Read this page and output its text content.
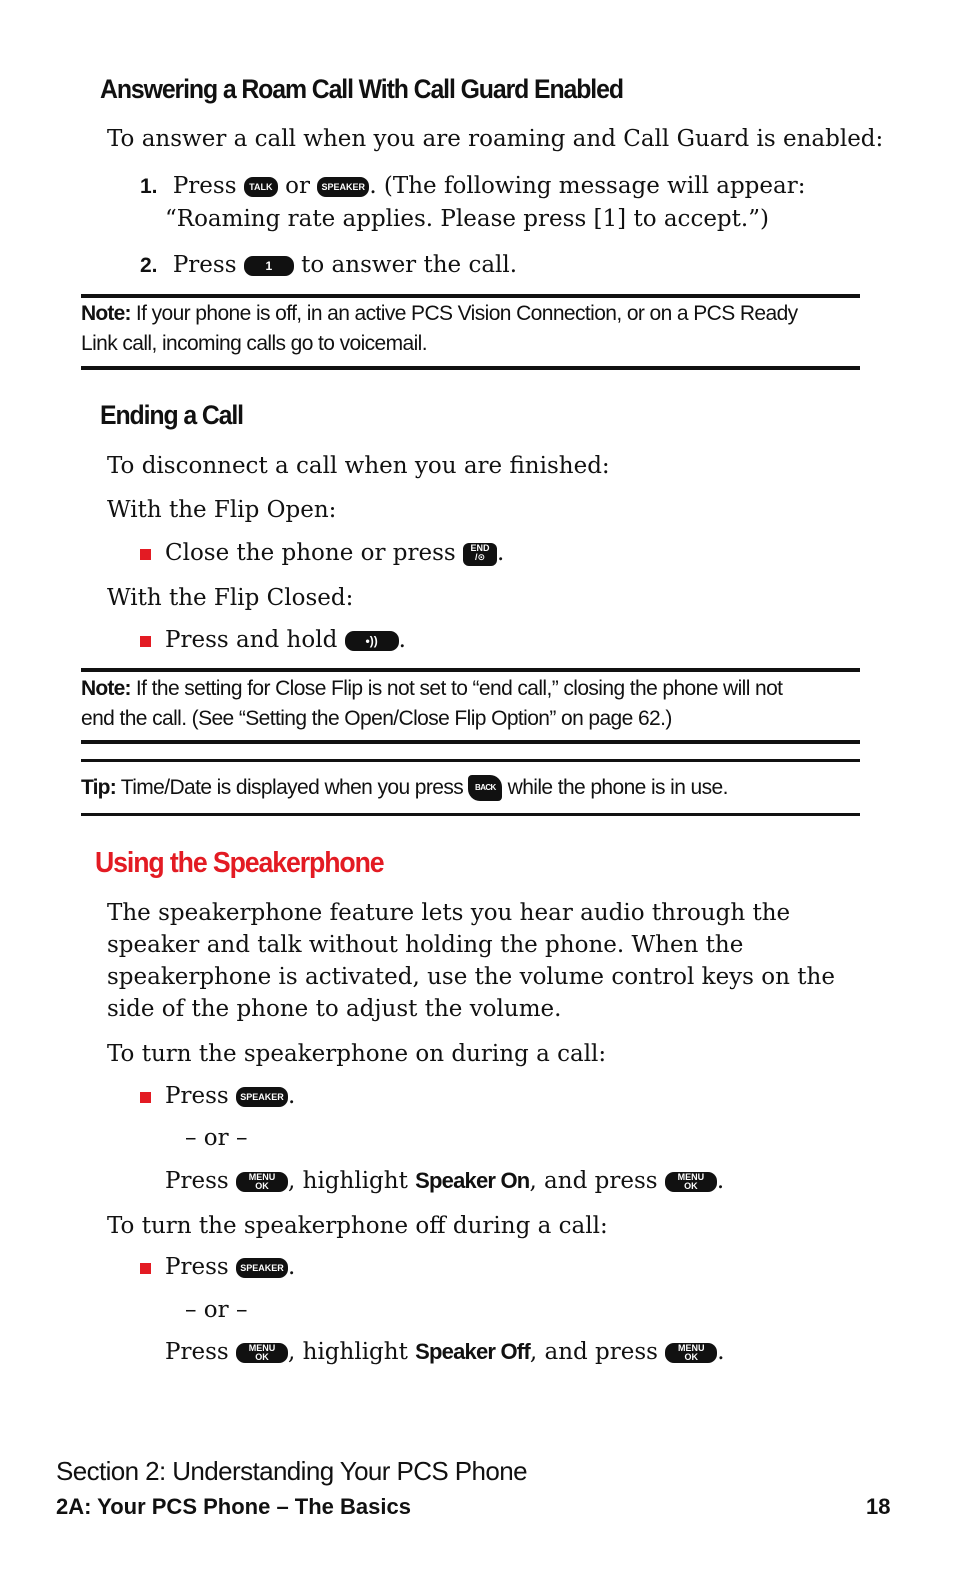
Answering a Roam Call With Call Guard Enabled
To answer a call when you are roaming and Call Guard is enabled:
1. Press TALK or SPEAKER . (The following message will appear:
“Roaming rate applies. Please press [1] to accept.”)
2. Press 1 to answer the call.
Note: If your phone is off, in an active PCS Vision Connection, or on a PCS Ready
Link call, incoming calls go to voicemail.
Ending a Call
To disconnect a call when you are finished:
With the Flip Open:
Close the phone or press END
/⊙ .
With the Flip Closed:
Press and hold •)) .
Note: If the setting for Close Flip is not set to “end call,” closing the phone will not
end the call. (See “Setting the Open/Close Flip Option” on page 62.)
Tip: Time/Date is displayed when you press BACK while the phone is in use.
Using the Speakerphone
The speakerphone feature lets you hear audio through the speaker and talk without holding the phone. When the speakerphone is activated, use the volume control keys on the side of the phone to adjust the volume.
To turn the speakerphone on during a call:
Press SPEAKER .
– or –
Press MENU
OK , highlight Speaker On, and press MENU
OK .
To turn the speakerphone off during a call:
Press SPEAKER .
– or –
Press MENU
OK , highlight Speaker Off, and press MENU
OK .
Section 2: Understanding Your PCS Phone
2A: Your PCS Phone – The Basics	18
